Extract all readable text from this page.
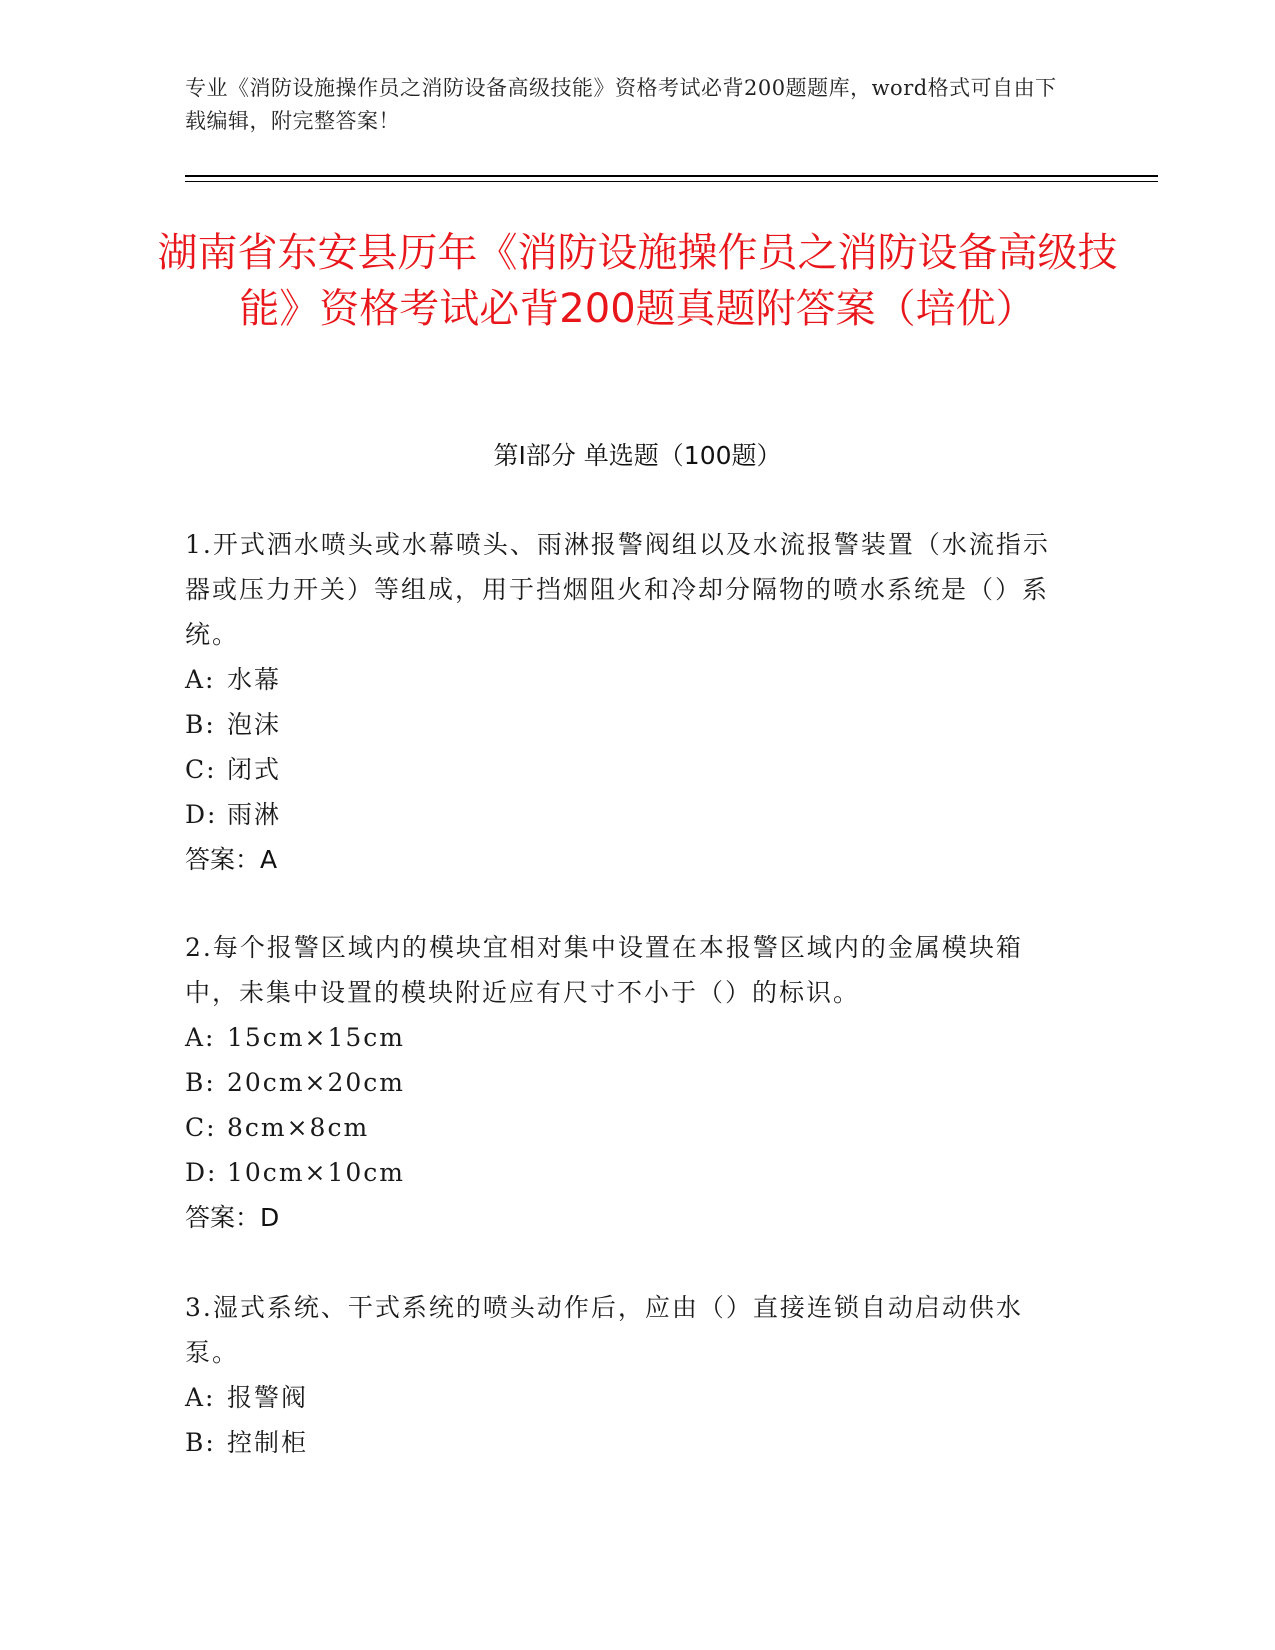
专业《消防设施操作员之消防设备高级技能》资格考试必背200题题库，word格式可自由下载编辑，附完整答案！
湖南省东安县历年《消防设施操作员之消防设备高级技能》资格考试必背200题真题附答案（培优）
第I部分 单选题（100题）
1.开式洒水喷头或水幕喷头、雨淋报警阀组以及水流报警装置（水流指示器或压力开关）等组成，用于挡烟阻火和冷却分隔物的喷水系统是（）系统。
A: 水幕
B: 泡沫
C: 闭式
D: 雨淋
答案：A
2.每个报警区域内的模块宜相对集中设置在本报警区域内的金属模块箱中，未集中设置的模块附近应有尺寸不小于（）的标识。
A: 15cm×15cm
B: 20cm×20cm
C: 8cm×8cm
D: 10cm×10cm
答案：D
3.湿式系统、干式系统的喷头动作后，应由（）直接连锁自动启动供水泵。
A: 报警阀
B: 控制柜
